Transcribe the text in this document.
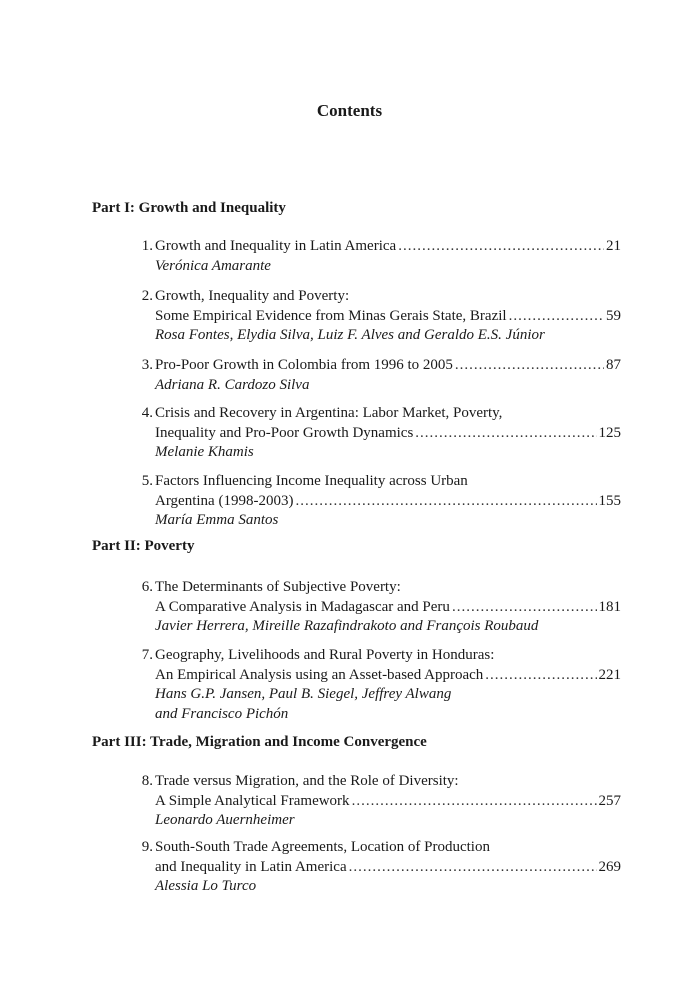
Contents
Part I: Growth and Inequality
1. Growth and Inequality in Latin America .....	21
Verónica Amarante
2. Growth, Inequality and Poverty:
Some Empirical Evidence from Minas Gerais State, Brazil .....	59
Rosa Fontes, Elydia Silva, Luiz F. Alves and Geraldo E.S. Júnior
3. Pro-Poor Growth in Colombia from 1996 to 2005 .....	87
Adriana R. Cardozo Silva
4. Crisis and Recovery in Argentina: Labor Market, Poverty,
Inequality and Pro-Poor Growth Dynamics .....	125
Melanie Khamis
5. Factors Influencing Income Inequality across Urban
Argentina (1998-2003) .....	155
María Emma Santos
Part II: Poverty
6. The Determinants of Subjective Poverty:
A Comparative Analysis in Madagascar and Peru .....	181
Javier Herrera, Mireille Razafindrakoto and François Roubaud
7. Geography, Livelihoods and Rural Poverty in Honduras:
An Empirical Analysis using an Asset-based Approach .....	221
Hans G.P. Jansen, Paul B. Siegel, Jeffrey Alwang
and Francisco Pichón
Part III: Trade, Migration and Income Convergence
8. Trade versus Migration, and the Role of Diversity:
A Simple Analytical Framework .....	257
Leonardo Auernheimer
9. South-South Trade Agreements, Location of Production
and Inequality in Latin America .....	269
Alessia Lo Turco
